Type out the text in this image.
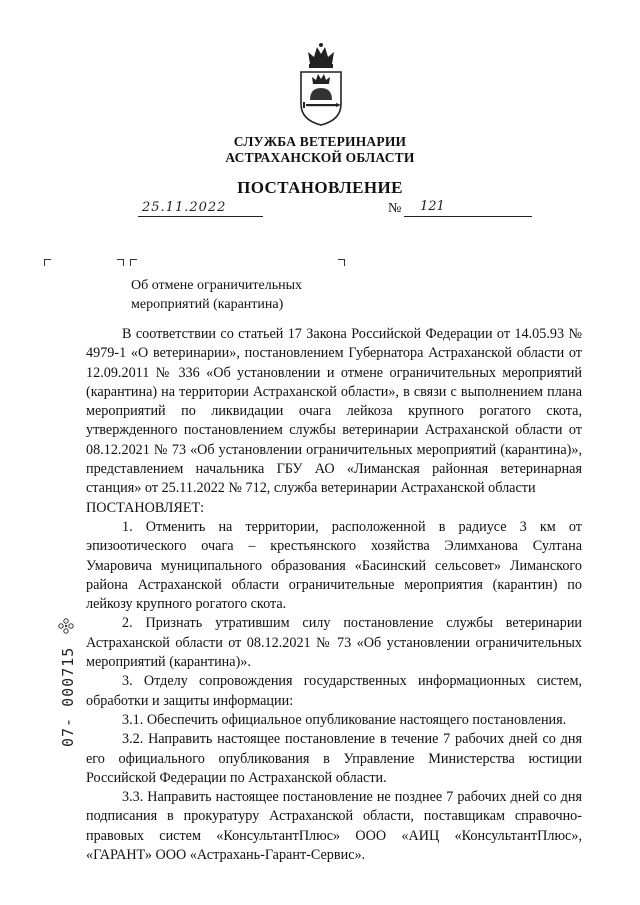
СЛУЖБА ВЕТЕРИНАРИИ
АСТРАХАНСКОЙ ОБЛАСТИ
ПОСТАНОВЛЕНИЕ
25.11.2022	№ 121
Об отмене ограничительных
мероприятий (карантина)

В соответствии со статьей 17 Закона Российской Федерации от 14.05.93 № 4979-1 «О ветеринарии», постановлением Губернатора Астраханской области от 12.09.2011 № 336 «Об установлении и отмене ограничительных мероприятий (карантина) на территории Астраханской области», в связи с выполнением плана мероприятий по ликвидации очага лейкоза крупного рогатого скота, утвержденного постановлением службы ветеринарии Астраханской области от 08.12.2021 № 73 «Об установлении ограничительных мероприятий (карантина)», представлением начальника ГБУ АО «Лиманская районная ветеринарная станция» от 25.11.2022 № 712, служба ветеринарии Астраханской области

ПОСТАНОВЛЯЕТ:

1. Отменить на территории, расположенной в радиусе 3 км от эпизоотического очага – крестьянского хозяйства Элимханова Султана Умаровича муниципального образования «Басинский сельсовет» Лиманского района Астраханской области ограничительные мероприятия (карантин) по лейкозу крупного рогатого скота.

2. Признать утратившим силу постановление службы ветеринарии Астраханской области от 08.12.2021 № 73 «Об установлении ограничительных мероприятий (карантина)».

3. Отделу сопровождения государственных информационных систем, обработки и защиты информации:

3.1. Обеспечить официальное опубликование настоящего постановления.

3.2. Направить настоящее постановление в течение 7 рабочих дней со дня его официального опубликования в Управление Министерства юстиции Российской Федерации по Астраханской области.

3.3. Направить настоящее постановление не позднее 7 рабочих дней со дня подписания в прокуратуру Астраханской области, поставщикам справочно-правовых систем «КонсультантПлюс» ООО «АИЦ «КонсультантПлюс», «ГАРАНТ» ООО «Астрахань-Гарант-Сервис».

07- 000715
